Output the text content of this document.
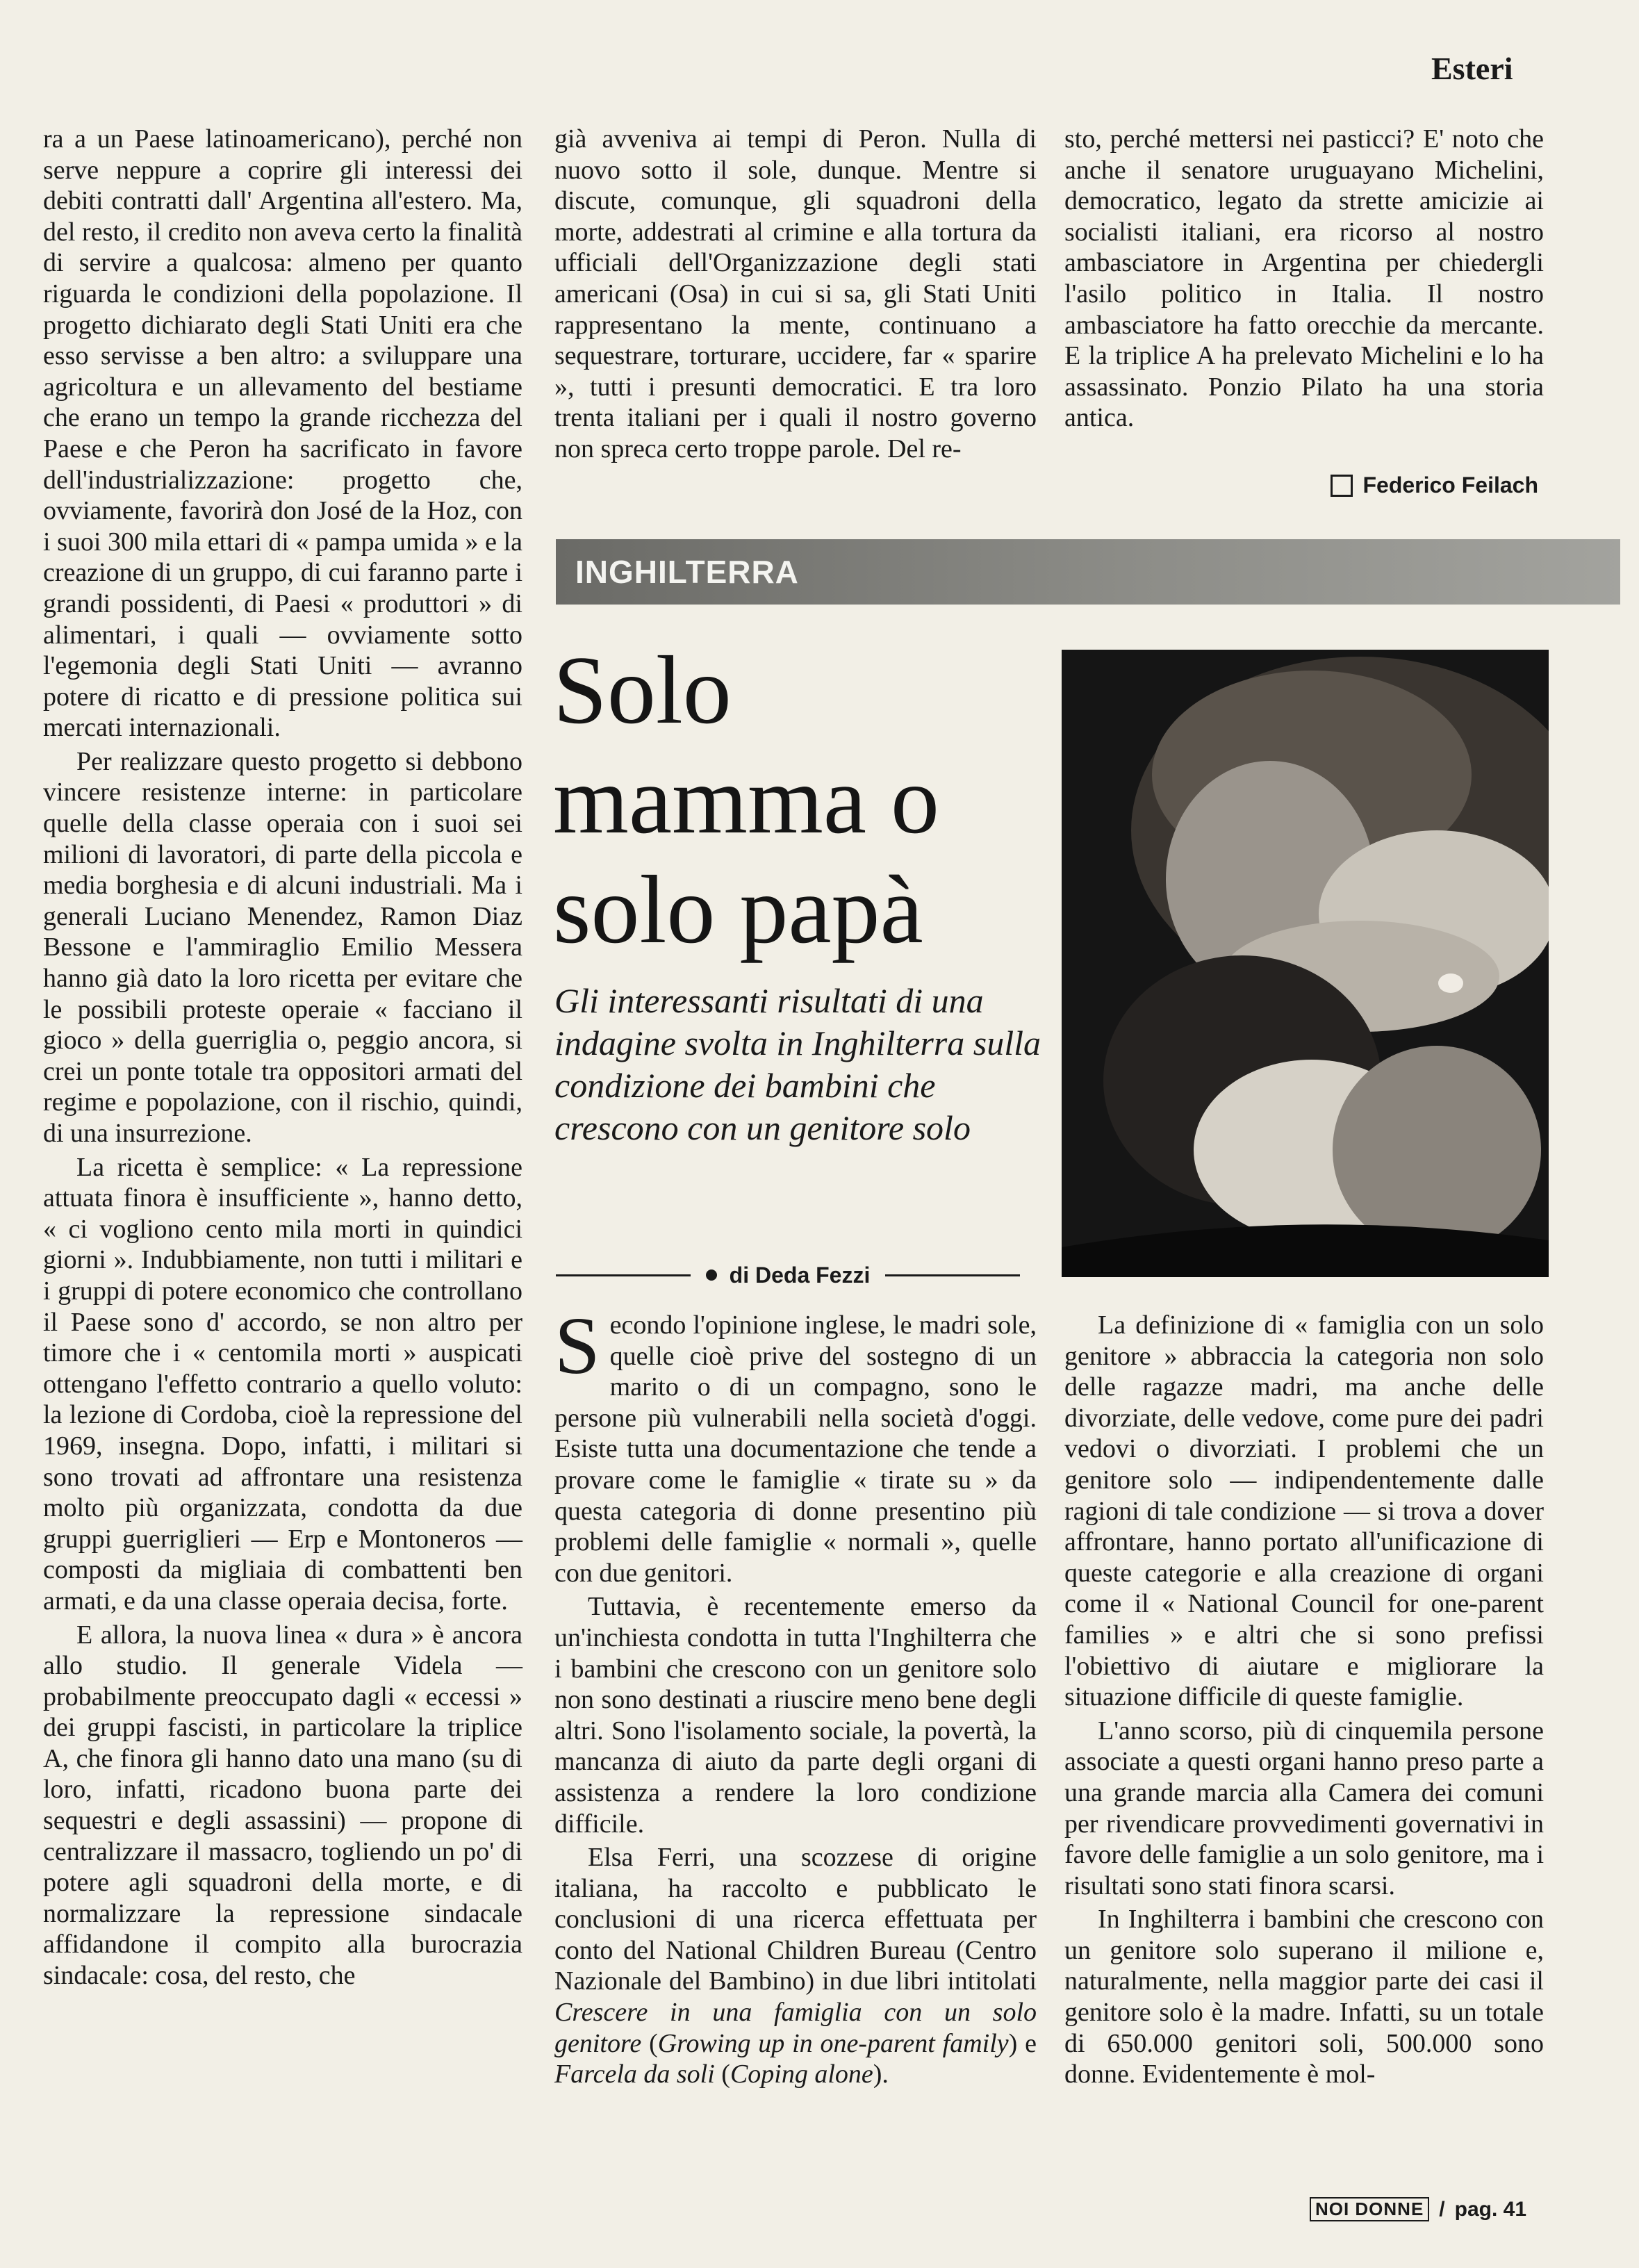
Esteri

ra a un Paese latinoamericano), perché non serve neppure a coprire gli interessi dei debiti contratti dall' Argentina all'estero. Ma, del resto, il credito non aveva certo la finalità di servire a qualcosa: almeno per quanto riguarda le condizioni della popolazione. Il progetto dichiarato degli Stati Uniti era che esso servisse a ben altro: a sviluppare una agricoltura e un allevamento del bestiame che erano un tempo la grande ricchezza del Paese e che Peron ha sacrificato in favore dell'industrializzazione: progetto che, ovviamente, favorirà don José de la Hoz, con i suoi 300 mila ettari di « pampa umida » e la creazione di un gruppo, di cui faranno parte i grandi possidenti, di Paesi « produttori » di alimentari, i quali — ovviamente sotto l'egemonia degli Stati Uniti — avranno potere di ricatto e di pressione politica sui mercati internazionali.

Per realizzare questo progetto si debbono vincere resistenze interne: in particolare quelle della classe operaia con i suoi sei milioni di lavoratori, di parte della piccola e media borghesia e di alcuni industriali. Ma i generali Luciano Menendez, Ramon Diaz Bessone e l'ammiraglio Emilio Messera hanno già dato la loro ricetta per evitare che le possibili proteste operaie « facciano il gioco » della guerriglia o, peggio ancora, si crei un ponte totale tra oppositori armati del regime e popolazione, con il rischio, quindi, di una insurrezione.

La ricetta è semplice: « La repressione attuata finora è insufficiente », hanno detto, « ci vogliono cento mila morti in quindici giorni ». Indubbiamente, non tutti i militari e i gruppi di potere economico che controllano il Paese sono d' accordo, se non altro per timore che i « centomila morti » auspicati ottengano l'effetto contrario a quello voluto: la lezione di Cordoba, cioè la repressione del 1969, insegna. Dopo, infatti, i militari si sono trovati ad affrontare una resistenza molto più organizzata, condotta da due gruppi guerriglieri — Erp e Montoneros — composti da migliaia di combattenti ben armati, e da una classe operaia decisa, forte.

E allora, la nuova linea « dura » è ancora allo studio. Il generale Videla — probabilmente preoccupato dagli « eccessi » dei gruppi fascisti, in particolare la triplice A, che finora gli hanno dato una mano (su di loro, infatti, ricadono buona parte dei sequestri e degli assassini) — propone di centralizzare il massacro, togliendo un po' di potere agli squadroni della morte, e di normalizzare la repressione sindacale affidandone il compito alla burocrazia sindacale: cosa, del resto, che

già avveniva ai tempi di Peron. Nulla di nuovo sotto il sole, dunque. Mentre si discute, comunque, gli squadroni della morte, addestrati al crimine e alla tortura da ufficiali dell'Organizzazione degli stati americani (Osa) in cui si sa, gli Stati Uniti rappresentano la mente, continuano a sequestrare, torturare, uccidere, far « sparire », tutti i presunti democratici. E tra loro trenta italiani per i quali il nostro governo non spreca certo troppe parole. Del re-

sto, perché mettersi nei pasticci? E' noto che anche il senatore uruguayano Michelini, democratico, legato da strette amicizie ai socialisti italiani, era ricorso al nostro ambasciatore in Argentina per chiedergli l'asilo politico in Italia. Il nostro ambasciatore ha fatto orecchie da mercante. E la triplice A ha prelevato Michelini e lo ha assassinato. Ponzio Pilato ha una storia antica.

Federico Feilach
INGHILTERRA
Solo
mamma o
solo papà
Gli interessanti risultati di una indagine svolta in Inghilterra sulla condizione dei bambini che crescono con un genitore solo
di Deda Fezzi

Secondo l'opinione inglese, le madri sole, quelle cioè prive del sostegno di un marito o di un compagno, sono le persone più vulnerabili nella società d'oggi. Esiste tutta una documentazione che tende a provare come le famiglie « tirate su » da questa categoria di donne presentino più problemi delle famiglie « normali », quelle con due genitori.

Tuttavia, è recentemente emerso da un'inchiesta condotta in tutta l'Inghilterra che i bambini che crescono con un genitore solo non sono destinati a riuscire meno bene degli altri. Sono l'isolamento sociale, la povertà, la mancanza di aiuto da parte degli organi di assistenza a rendere la loro condizione difficile.

Elsa Ferri, una scozzese di origine italiana, ha raccolto e pubblicato le conclusioni di una ricerca effettuata per conto del National Children Bureau (Centro Nazionale del Bambino) in due libri intitolati Crescere in una famiglia con un solo genitore (Growing up in one-parent family) e Farcela da soli (Coping alone).

La definizione di « famiglia con un solo genitore » abbraccia la categoria non solo delle ragazze madri, ma anche delle divorziate, delle vedove, come pure dei padri vedovi o divorziati. I problemi che un genitore solo — indipendentemente dalle ragioni di tale condizione — si trova a dover affrontare, hanno portato all'unificazione di queste categorie e alla creazione di organi come il « National Council for one-parent families » e altri che si sono prefissi l'obiettivo di aiutare e migliorare la situazione difficile di queste famiglie.

L'anno scorso, più di cinquemila persone associate a questi organi hanno preso parte a una grande marcia alla Camera dei comuni per rivendicare provvedimenti governativi in favore delle famiglie a un solo genitore, ma i risultati sono stati finora scarsi.

In Inghilterra i bambini che crescono con un genitore solo superano il milione e, naturalmente, nella maggior parte dei casi il genitore solo è la madre. Infatti, su un totale di 650.000 genitori soli, 500.000 sono donne. Evidentemente è mol-

NOI DONNE / pag. 41
